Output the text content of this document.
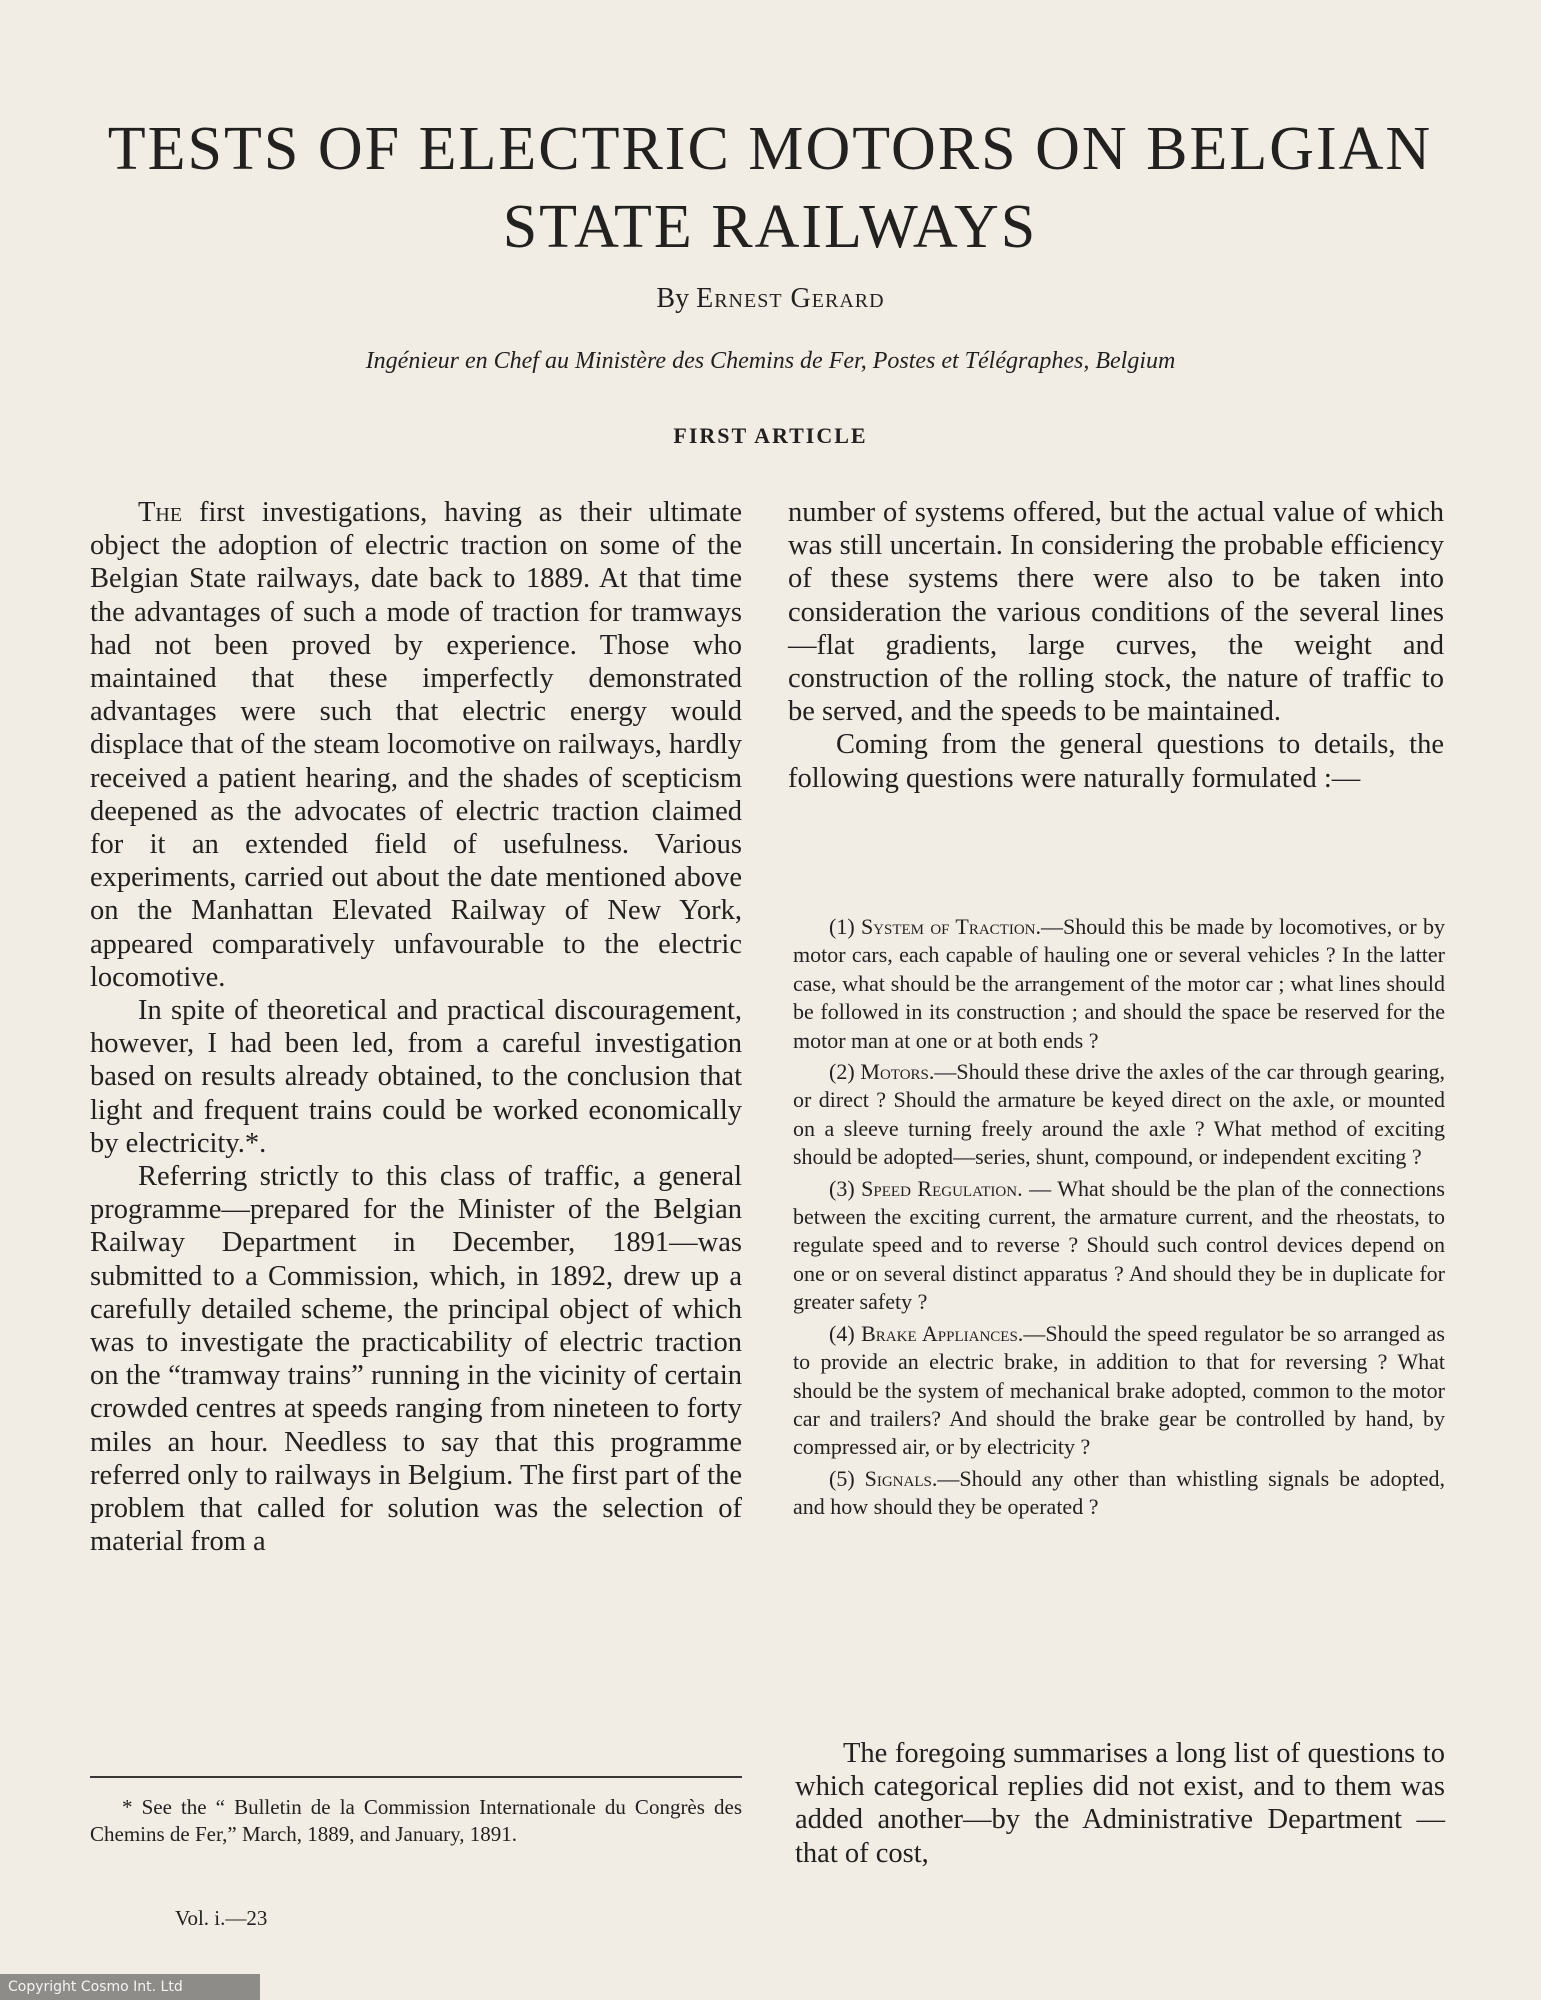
TESTS OF ELECTRIC MOTORS ON BELGIAN
STATE RAILWAYS
By Ernest Gerard
Ingénieur en Chef au Ministère des Chemins de Fer, Postes et Télégraphes, Belgium
FIRST ARTICLE

The first investigations, having as their ultimate object the adoption of electric traction on some of the Belgian State railways, date back to 1889. At that time the advantages of such a mode of traction for tramways had not been proved by experience. Those who maintained that these imperfectly demonstrated advantages were such that electric energy would displace that of the steam locomotive on railways, hardly received a patient hearing, and the shades of scepticism deepened as the advocates of electric traction claimed for it an extended field of usefulness. Various experiments, carried out about the date mentioned above on the Manhattan Elevated Railway of New York, appeared comparatively unfavourable to the electric locomotive.

In spite of theoretical and practical discouragement, however, I had been led, from a careful investigation based on results already obtained, to the conclusion that light and frequent trains could be worked economically by electricity.*.

Referring strictly to this class of traffic, a general programme—prepared for the Minister of the Belgian Railway Department in December, 1891—was submitted to a Commission, which, in 1892, drew up a carefully detailed scheme, the principal object of which was to investigate the practicability of electric traction on the “tramway trains” running in the vicinity of certain crowded centres at speeds ranging from nineteen to forty miles an hour. Needless to say that this programme referred only to railways in Belgium. The first part of the problem that called for solution was the selection of material from a

number of systems offered, but the actual value of which was still uncertain. In considering the probable efficiency of these systems there were also to be taken into consideration the various conditions of the several lines—flat gradients, large curves, the weight and construction of the rolling stock, the nature of traffic to be served, and the speeds to be maintained.

Coming from the general questions to details, the following questions were naturally formulated :—

(1) System of Traction.—Should this be made by locomotives, or by motor cars, each capable of hauling one or several vehicles ? In the latter case, what should be the arrangement of the motor car ; what lines should be followed in its construction ; and should the space be reserved for the motor man at one or at both ends ?

(2) Motors.—Should these drive the axles of the car through gearing, or direct ? Should the armature be keyed direct on the axle, or mounted on a sleeve turning freely around the axle ? What method of exciting should be adopted—series, shunt, compound, or independent exciting ?

(3) Speed Regulation. — What should be the plan of the connections between the exciting current, the armature current, and the rheostats, to regulate speed and to reverse ? Should such control devices depend on one or on several distinct apparatus ? And should they be in duplicate for greater safety ?

(4) Brake Appliances.—Should the speed regulator be so arranged as to provide an electric brake, in addition to that for reversing ? What should be the system of mechanical brake adopted, common to the motor car and trailers? And should the brake gear be controlled by hand, by compressed air, or by electricity ?

(5) Signals.—Should any other than whistling signals be adopted, and how should they be operated ?

The foregoing summarises a long list of questions to which categorical replies did not exist, and to them was added another—by the Administrative Department — that of cost,

* See the “ Bulletin de la Commission Internationale du Congrès des Chemins de Fer,” March, 1889, and January, 1891.
Vol. i.—23
Copyright Cosmo Int. Ltd
